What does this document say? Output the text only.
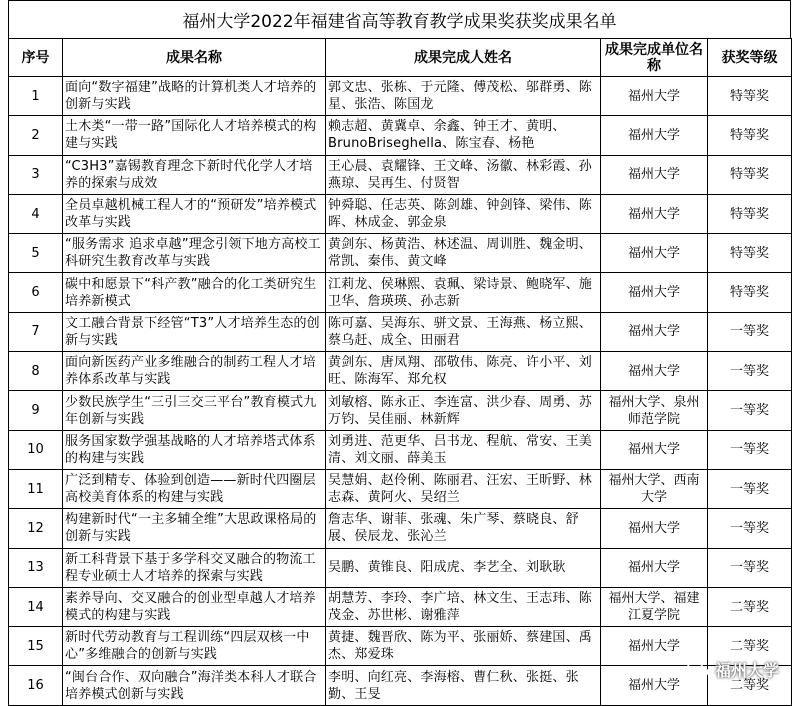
福州大学2022年福建省高等教育教学成果奖获奖成果名单
序号	成果名称	成果完成人姓名	成果完成单位名称	获奖等级
1	面向“数字福建”战略的计算机类人才培养的创新与实践	郭文忠、张栋、于元隆、傅茂松、邬群勇、陈星、张浩、陈国龙	福州大学	特等奖
2	土木类“一带一路”国际化人才培养模式的构建与实践	赖志超、黄冀卓、余鑫、钟王才、黄明、BrunoBriseghella、陈宝春、杨艳	福州大学	特等奖
3	“C3H3”嘉锡教育理念下新时代化学人才培养的探索与成效	王心晨、袁耀锋、王文峰、汤徽、林彩霞、孙燕琼、吴再生、付贤智	福州大学	特等奖
4	全员卓越机械工程人才的“预研发”培养模式改革与实践	钟舜聪、任志英、陈剑雄、钟剑锋、梁伟、陈晖、林成金、郭金泉	福州大学	特等奖
5	“服务需求 追求卓越”理念引领下地方高校工科研究生教育改革与实践	黄剑东、杨黄浩、林述温、周训胜、魏金明、常凯、秦伟、黄文峰	福州大学	特等奖
6	碳中和愿景下“科产教”融合的化工类研究生培养新模式	江莉龙、侯琳熙、袁珮、梁诗景、鲍晓军、施卫华、詹瑛瑛、孙志新	福州大学	特等奖
7	文工融合背景下经管“T3”人才培养生态的创新与实践	陈可嘉、吴海东、骈文景、王海燕、杨立熙、蔡乌赶、成全、田丽君	福州大学	一等奖
8	面向新医药产业多维融合的制药工程人才培养体系改革与实践	黄剑东、唐凤翔、邵敬伟、陈亮、许小平、刘旺、陈海军、郑允权	福州大学	一等奖
9	少数民族学生“三引三交三平台”教育模式九年创新与实践	刘敏榕、陈永正、李连富、洪少春、周勇、苏万钧、吴佳丽、林新辉	福州大学、泉州师范学院	一等奖
10	服务国家数学强基战略的人才培养塔式体系的构建与实践	刘勇进、范更华、吕书龙、程航、常安、王美清、刘文丽、薛美玉	福州大学	一等奖
11	广泛到精专、体验到创造——新时代四圈层高校美育体系的构建与实践	吴慧娟、赵伶俐、陈丽君、汪宏、王昕野、林志森、黄阿火、吴绍兰	福州大学、西南大学	一等奖
12	构建新时代“一主多辅全维”大思政课格局的创新与实践	詹志华、谢菲、张魂、朱广琴、蔡晓良、舒展、侯辰龙、张沁兰	福州大学	一等奖
13	新工科背景下基于多学科交叉融合的物流工程专业硕士人才培养的探索与实践	吴鹏、黄锥良、阳成虎、李艺全、刘耿耿	福州大学	一等奖
14	素养导向、交叉融合的创业型卓越人才培养模式的构建与实践	胡慧芳、李玲、李广培、林文生、王志玮、陈茂金、苏世彬、谢雅萍	福州大学、福建江夏学院	二等奖
15	新时代劳动教育与工程训练“四层双核一中心”多维融合的创新与实践	黄捷、魏晋欣、陈为平、张丽娇、蔡建国、禹杰、郑爱珠	福州大学	二等奖
16	“闽台合作、双向融合”海洋类本科人才联合培养模式创新与实践	李明、向红亮、李海榕、曹仁秋、张挺、张勤、王旻	福州大学	二等奖
福州大学
